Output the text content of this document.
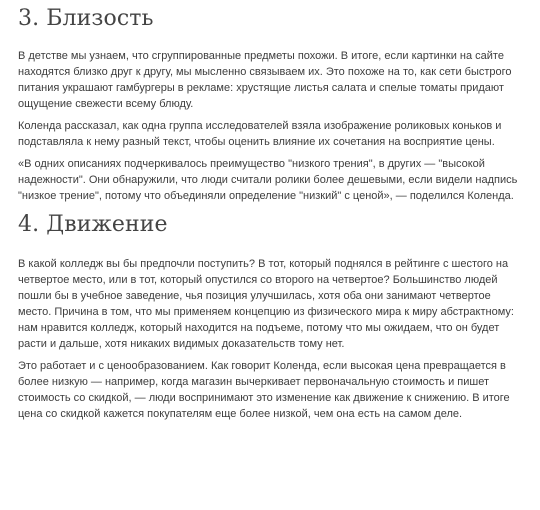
3. Близость

В детстве мы узнаем, что сгруппированные предметы похожи. В итоге, если картинки на сайте находятся близко друг к другу, мы мысленно связываем их. Это похоже на то, как сети быстрого питания украшают гамбургеры в рекламе: хрустящие листья салата и спелые томаты придают ощущение свежести всему блюду.

Коленда рассказал, как одна группа исследователей взяла изображение роликовых коньков и подставляла к нему разный текст, чтобы оценить влияние их сочетания на восприятие цены.

«В одних описаниях подчеркивалось преимущество "низкого трения", в других — "высокой надежности". Они обнаружили, что люди считали ролики более дешевыми, если видели надпись "низкое трение", потому что объединяли определение "низкий" с ценой», — поделился Коленда.

4. Движение

В какой колледж вы бы предпочли поступить? В тот, который поднялся в рейтинге с шестого на четвертое место, или в тот, который опустился со второго на четвертое? Большинство людей пошли бы в учебное заведение, чья позиция улучшилась, хотя оба они занимают четвертое место. Причина в том, что мы применяем концепцию из физического мира к миру абстрактному: нам нравится колледж, который находится на подъеме, потому что мы ожидаем, что он будет расти и дальше, хотя никаких видимых доказательств тому нет.

Это работает и с ценообразованием. Как говорит Коленда, если высокая цена превращается в более низкую — например, когда магазин вычеркивает первоначальную стоимость и пишет стоимость со скидкой, — люди воспринимают это изменение как движение к снижению. В итоге цена со скидкой кажется покупателям еще более низкой, чем она есть на самом деле.
